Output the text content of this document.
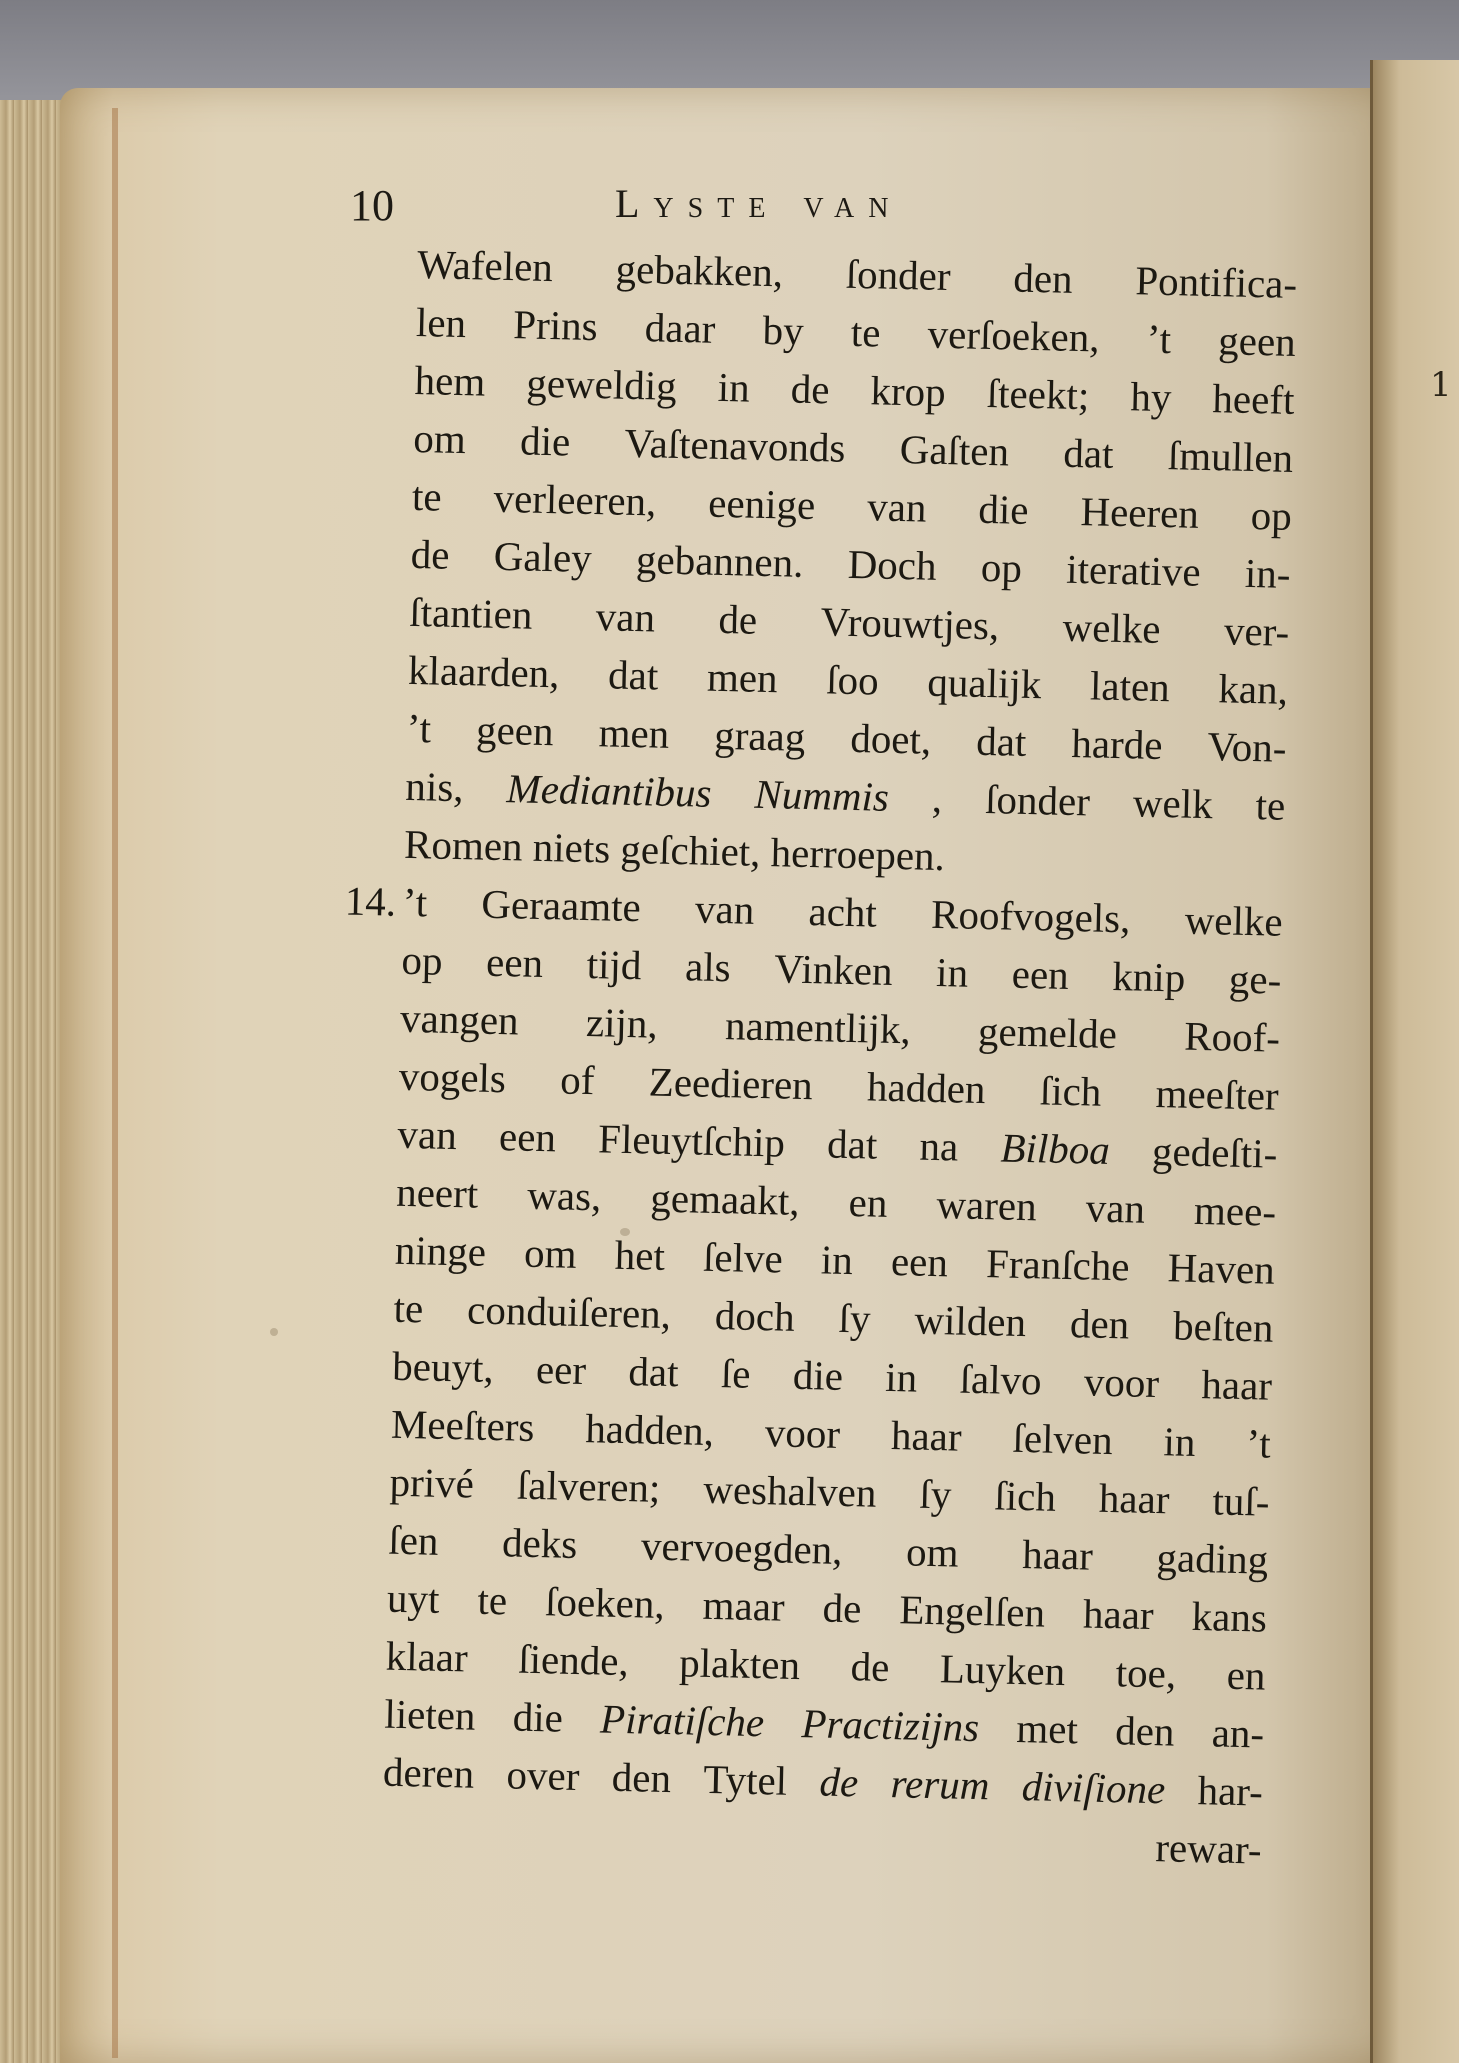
1
10	Lyste van
Wafelen gebakken, ſonder den Pontifica-
len Prins daar by te verſoeken, ’t geen
hem geweldig in de krop ſteekt; hy heeft
om die Vaſtenavonds Gaſten dat ſmullen
te verleeren, eenige van die Heeren op
de Galey gebannen. Doch op iterative in-
ſtantien van de Vrouwtjes, welke ver-
klaarden, dat men ſoo qualijk laten kan,
’t geen men graag doet, dat harde Von-
nis, Mediantibus Nummis , ſonder welk te
Romen niets geſchiet, herroepen.
14. ’t Geraamte van acht Roofvogels, welke
op een tijd als Vinken in een knip ge-
vangen zijn, namentlijk, gemelde Roof-
vogels of Zeedieren hadden ſich meeſter
van een Fleuytſchip dat na Bilboa gedeſti-
neert was, gemaakt, en waren van mee-
ninge om het ſelve in een Franſche Haven
te conduiſeren, doch ſy wilden den beſten
beuyt, eer dat ſe die in ſalvo voor haar
Meeſters hadden, voor haar ſelven in ’t
privé ſalveren; weshalven ſy ſich haar tuſ-
ſen deks vervoegden, om haar gading
uyt te ſoeken, maar de Engelſen haar kans
klaar ſiende, plakten de Luyken toe, en
lieten die Piratiſche Practizijns met den an-
deren over den Tytel de rerum diviſione har-
rewar-
